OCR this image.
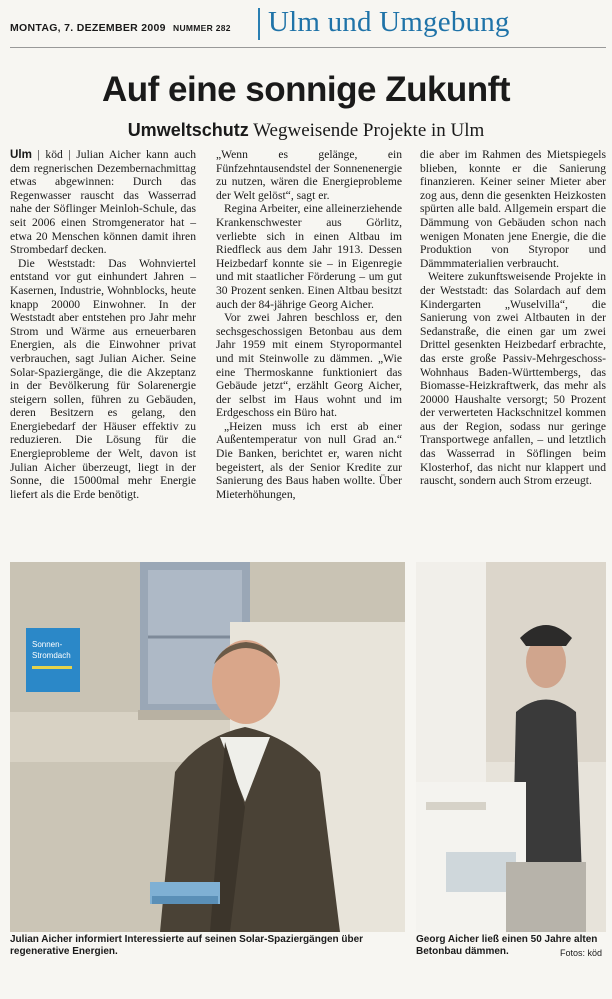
MONTAG, 7. DEZEMBER 2009 NUMMER 282 Ulm und Umgebung
Auf eine sonnige Zukunft
Umweltschutz Wegweisende Projekte in Ulm

Ulm | köd | Julian Aicher kann auch dem regnerischen Dezembernachmittag etwas abgewinnen: Durch das Regenwasser rauscht das Wasserrad nahe der Söflinger Meinloh-Schule, das seit 2006 einen Stromgenerator hat – etwa 20 Menschen können damit ihren Strombedarf decken.

Die Weststadt: Das Wohnviertel entstand vor gut einhundert Jahren – Kasernen, Industrie, Wohnblocks, heute knapp 20000 Einwohner. In der Weststadt aber entstehen pro Jahr mehr Strom und Wärme aus erneuerbaren Energien, als die Einwohner privat verbrauchen, sagt Julian Aicher. Seine Solar-Spaziergänge, die die Akzeptanz in der Bevölkerung für Solarenergie steigern sollen, führen zu Gebäuden, deren Besitzern es gelang, den Energiebedarf der Häuser effektiv zu reduzieren. Die Lösung für die Energieprobleme der Welt, davon ist Julian Aicher überzeugt, liegt in der Sonne, die 15000mal mehr Energie liefert als die Erde benötigt.

„Wenn es gelänge, ein Fünfzehntausendstel der Sonnenenergie zu nutzen, wären die Energieprobleme der Welt gelöst“, sagt er.

Regina Arbeiter, eine alleinerziehende Krankenschwester aus Görlitz, verliebte sich in einen Altbau im Riedfleck aus dem Jahr 1913. Dessen Heizbedarf konnte sie – in Eigenregie und mit staatlicher Förderung – um gut 30 Prozent senken. Einen Altbau besitzt auch der 84-jährige Georg Aicher.

Vor zwei Jahren beschloss er, den sechsgeschossigen Betonbau aus dem Jahr 1959 mit einem Styropormantel und mit Steinwolle zu dämmen. „Wie eine Thermoskanne funktioniert das Gebäude jetzt“, erzählt Georg Aicher, der selbst im Haus wohnt und im Erdgeschoss ein Büro hat.

„Heizen muss ich erst ab einer Außentemperatur von null Grad an.“ Die Banken, berichtet er, waren nicht begeistert, als der Senior Kredite zur Sanierung des Baus haben wollte. Über Mieterhöhungen,

die aber im Rahmen des Mietspiegels blieben, konnte er die Sanierung finanzieren. Keiner seiner Mieter aber zog aus, denn die gesenkten Heizkosten spürten alle bald. Allgemein erspart die Dämmung von Gebäuden schon nach wenigen Monaten jene Energie, die die Produktion von Styropor und Dämmmaterialien verbraucht.

Weitere zukunftsweisende Projekte in der Weststadt: das Solardach auf dem Kindergarten „Wuselvilla“, die Sanierung von zwei Altbauten in der Sedanstraße, die einen gar um zwei Drittel gesenkten Heizbedarf erbrachte, das erste große Passiv-Mehrgeschoss-Wohnhaus Baden-Württembergs, das Biomasse-Heizkraftwerk, das mehr als 20000 Haushalte versorgt; 50 Prozent der verwerteten Hackschnitzel kommen aus der Region, sodass nur geringe Transportwege anfallen, – und letztlich das Wasserrad in Söflingen beim Klosterhof, das nicht nur klappert und rauscht, sondern auch Strom erzeugt.

Sonnen-
Stromdach
Julian Aicher informiert Interessierte auf seinen Solar-Spaziergängen über regenerative Energien.
Georg Aicher ließ einen 50 Jahre alten Betonbau dämmen.	Fotos: köd
